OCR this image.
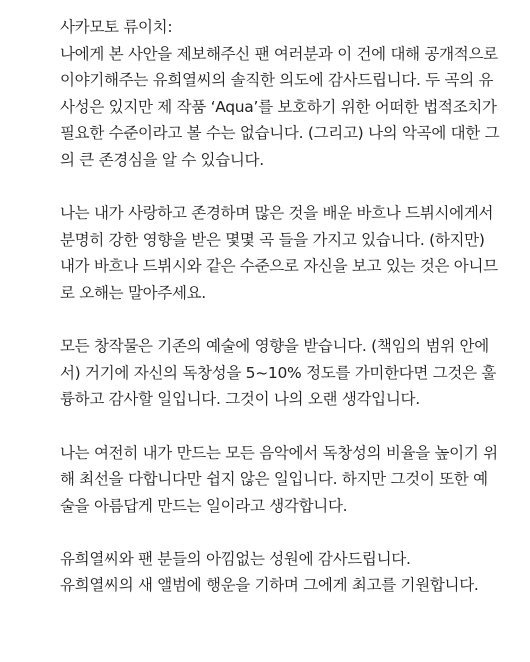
사카모토 류이치:
나에게 본 사안을 제보해주신 팬 여러분과 이 건에 대해 공개적으로
이야기해주는 유희열씨의 솔직한 의도에 감사드립니다. 두 곡의 유
사성은 있지만 제 작품 ‘Aqua’를 보호하기 위한 어떠한 법적조치가
필요한 수준이라고 볼 수는 없습니다. (그리고) 나의 악곡에 대한 그
의 큰 존경심을 알 수 있습니다.

나는 내가 사랑하고 존경하며 많은 것을 배운 바흐나 드뷔시에게서
분명히 강한 영향을 받은 몇몇 곡 들을 가지고 있습니다. (하지만)
내가 바흐나 드뷔시와 같은 수준으로 자신을 보고 있는 것은 아니므
로 오해는 말아주세요.

모든 창작물은 기존의 예술에 영향을 받습니다. (책임의 범위 안에
서) 거기에 자신의 독창성을 5~10% 정도를 가미한다면 그것은 훌
륭하고 감사할 일입니다. 그것이 나의 오랜 생각입니다.

나는 여전히 내가 만드는 모든 음악에서 독창성의 비율을 높이기 위
해 최선을 다합니다만 쉽지 않은 일입니다. 하지만 그것이 또한 예
술을 아름답게 만드는 일이라고 생각합니다.

유희열씨와 팬 분들의 아낌없는 성원에 감사드립니다.
유희열씨의 새 앨범에 행운을 기하며 그에게 최고를 기원합니다.
